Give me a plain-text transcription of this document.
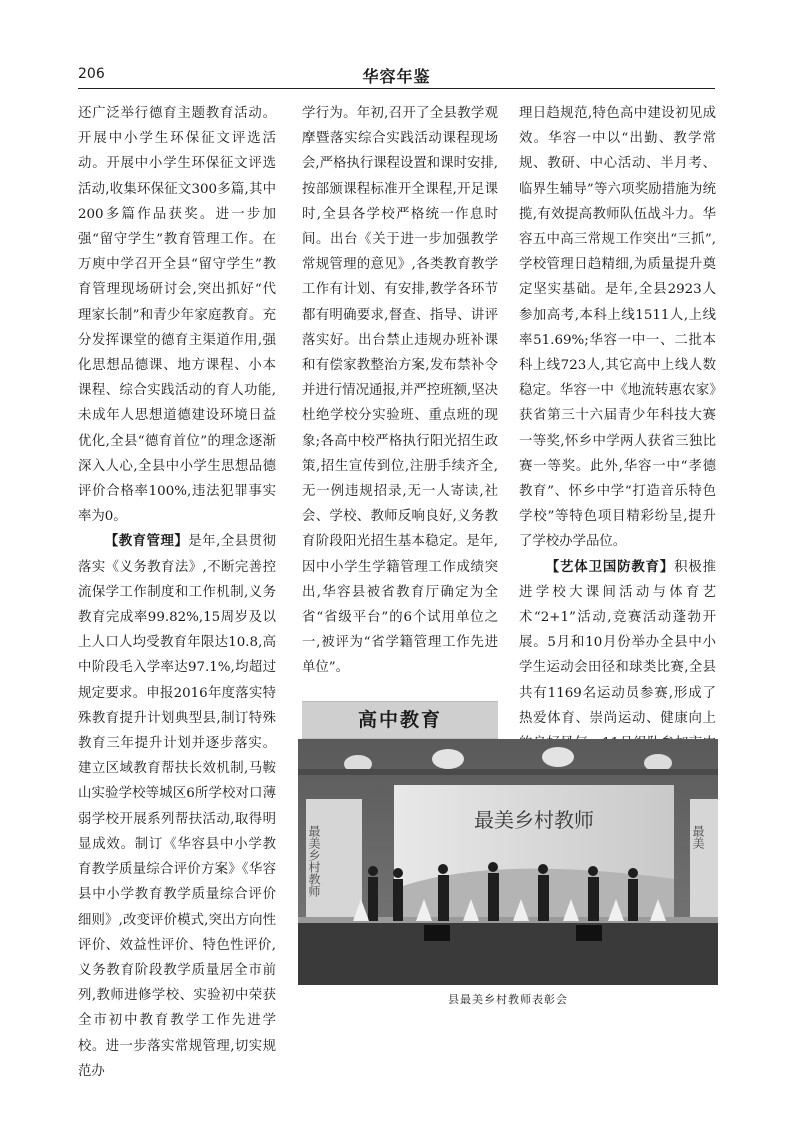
206	华容年鉴

还广泛举行德育主题教育活动。开展中小学生环保征文评选活动。开展中小学生环保征文评选活动,收集环保征文300多篇,其中200多篇作品获奖。进一步加强“留守学生”教育管理工作。在万庾中学召开全县“留守学生”教育管理现场研讨会,突出抓好“代理家长制”和青少年家庭教育。充分发挥课堂的德育主渠道作用,强化思想品德课、地方课程、小本课程、综合实践活动的育人功能,未成年人思想道德建设环境日益优化,全县“德育首位”的理念逐渐深入人心,全县中小学生思想品德评价合格率100%,违法犯罪事实率为0。

【教育管理】是年,全县贯彻落实《义务教育法》,不断完善控流保学工作制度和工作机制,义务教育完成率99.82%,15周岁及以上人口人均受教育年限达10.8,高中阶段毛入学率达97.1%,均超过规定要求。申报2016年度落实特殊教育提升计划典型县,制订特殊教育三年提升计划并逐步落实。建立区域教育帮扶长效机制,马鞍山实验学校等城区6所学校对口薄弱学校开展系列帮扶活动,取得明显成效。制订《华容县中小学教育教学质量综合评价方案》《华容县中小学教育教学质量综合评价细则》,改变评价模式,突出方向性评价、效益性评价、特色性评价,义务教育阶段教学质量居全市前列,教师进修学校、实验初中荣获全市初中教育教学工作先进学校。进一步落实常规管理,切实规范办

学行为。年初,召开了全县教学观摩暨落实综合实践活动课程现场会,严格执行课程设置和课时安排,按部颁课程标准开全课程,开足课时,全县各学校严格统一作息时间。出台《关于进一步加强教学常规管理的意见》,各类教育教学工作有计划、有安排,教学各环节都有明确要求,督查、指导、讲评落实好。出台禁止违规办班补课和有偿家教整治方案,发布禁补令并进行情况通报,并严控班额,坚决杜绝学校分实验班、重点班的现象;各高中校严格执行阳光招生政策,招生宣传到位,注册手续齐全,无一例违规招录,无一人寄读,社会、学校、教师反响良好,义务教育阶段阳光招生基本稳定。是年,因中小学生学籍管理工作成绩突出,华容县被省教育厅确定为全省“省级平台”的6个试用单位之一,被评为“省学籍管理工作先进单位”。

高中教育

理日趋规范,特色高中建设初见成效。华容一中以“出勤、教学常规、教研、中心活动、半月考、临界生辅导”等六项奖励措施为统揽,有效提高教师队伍战斗力。华容五中高三常规工作突出“三抓”,学校管理日趋精细,为质量提升奠定坚实基础。是年,全县2923人参加高考,本科上线1511人,上线率51.69%;华容一中一、二批本科上线723人,其它高中上线人数稳定。华容一中《地流转惠农家》获省第三十六届青少年科技大赛一等奖,怀乡中学两人获省三独比赛一等奖。此外,华容一中“孝德教育”、怀乡中学“打造音乐特色学校”等特色项目精彩纷呈,提升了学校办学品位。

【艺体卫国防教育】积极推进学校大课间活动与体育艺术“2+1”活动,竞赛活动蓬勃开展。5月和10月份举办全县中小学生运动会田径和球类比赛,全县共有1169名运动员参赛,形成了热爱体育、崇尚运动、健康向上

最美乡村教师
最美乡村教师	最美
县最美乡村教师表彰会
